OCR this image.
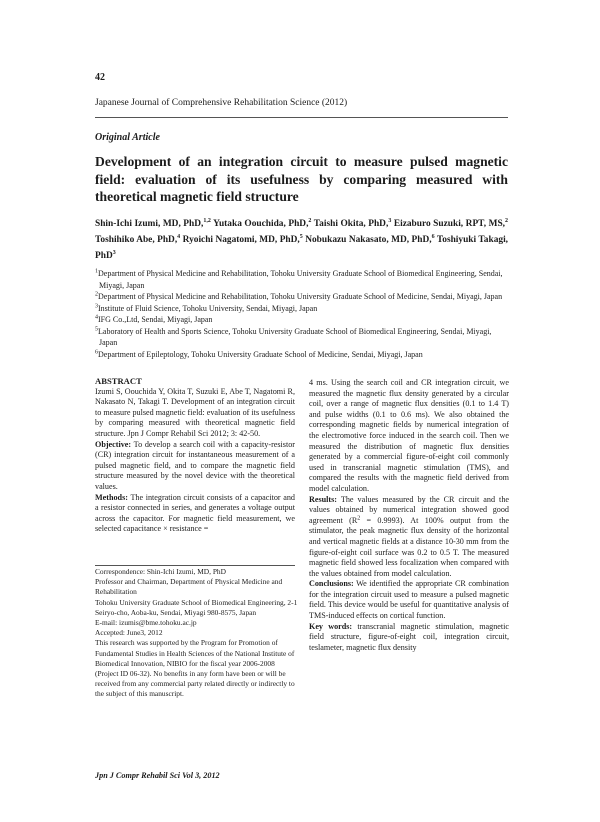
42
Japanese Journal of Comprehensive Rehabilitation Science (2012)
Original Article
Development of an integration circuit to measure pulsed magnetic field: evaluation of its usefulness by comparing measured with theoretical magnetic field structure
Shin-Ichi Izumi, MD, PhD,$^{1,2}$ Yutaka Oouchida, PhD,$^2$ Taishi Okita, PhD,$^3$ Eizaburo Suzuki, RPT, MS,$^2$ Toshihiko Abe, PhD,$^4$ Ryoichi Nagatomi, MD, PhD,$^5$ Nobukazu Nakasato, MD, PhD,$^6$ Toshiyuki Takagi, PhD$^3$
$^1$Department of Physical Medicine and Rehabilitation, Tohoku University Graduate School of Biomedical Engineering, Sendai, Miyagi, Japan
$^2$Department of Physical Medicine and Rehabilitation, Tohoku University Graduate School of Medicine, Sendai, Miyagi, Japan
$^3$Institute of Fluid Science, Tohoku University, Sendai, Miyagi, Japan
$^4$IFG Co.,Ltd, Sendai, Miyagi, Japan
$^5$Laboratory of Health and Sports Science, Tohoku University Graduate School of Biomedical Engineering, Sendai, Miyagi, Japan
$^6$Department of Epileptology, Tohoku University Graduate School of Medicine, Sendai, Miyagi, Japan
ABSTRACT
Izumi S, Oouchida Y, Okita T, Suzuki E, Abe T, Nagatomi R, Nakasato N, Takagi T. Development of an integration circuit to measure pulsed magnetic field: evaluation of its usefulness by comparing measured with theoretical magnetic field structure. Jpn J Compr Rehabil Sci 2012; 3: 42-50.
Objective: To develop a search coil with a capacity-resistor (CR) integration circuit for instantaneous measurement of a pulsed magnetic field, and to compare the magnetic field structure measured by the novel device with the theoretical values.
Methods: The integration circuit consists of a capacitor and a resistor connected in series, and generates a voltage output across the capacitor. For magnetic field measurement, we selected capacitance × resistance =
Correspondence: Shin-Ichi Izumi, MD, PhD
Professor and Chairman, Department of Physical Medicine and Rehabilitation
Tohoku University Graduate School of Biomedical Engineering, 2-1 Seiryo-cho, Aoba-ku, Sendai, Miyagi 980-8575, Japan
E-mail: izumis@bme.tohoku.ac.jp
Accepted: June3, 2012
This research was supported by the Program for Promotion of Fundamental Studies in Health Sciences of the National Institute of Biomedical Innovation, NIBIO for the fiscal year 2006-2008 (Project ID 06-32). No benefits in any form have been or will be received from any commercial party related directly or indirectly to the subject of this manuscript.
4 ms. Using the search coil and CR integration circuit, we measured the magnetic flux density generated by a circular coil, over a range of magnetic flux densities (0.1 to 1.4 T) and pulse widths (0.1 to 0.6 ms). We also obtained the corresponding magnetic fields by numerical integration of the electromotive force induced in the search coil. Then we measured the distribution of magnetic flux densities generated by a commercial figure-of-eight coil commonly used in transcranial magnetic stimulation (TMS), and compared the results with the magnetic field derived from model calculation.
Results: The values measured by the CR circuit and the values obtained by numerical integration showed good agreement $(R^2 = 0.9993)$. At 100% output from the stimulator, the peak magnetic flux density of the horizontal and vertical magnetic fields at a distance 10-30 mm from the figure-of-eight coil surface was 0.2 to 0.5 T. The measured magnetic field showed less focalization when compared with the values obtained from model calculation.
Conclusions: We identified the appropriate CR combination for the integration circuit used to measure a pulsed magnetic field. This device would be useful for quantitative analysis of TMS-induced effects on cortical function.
Key words: transcranial magnetic stimulation, magnetic field structure, figure-of-eight coil, integration circuit, teslameter, magnetic flux density
Jpn J Compr Rehabil Sci Vol 3, 2012
